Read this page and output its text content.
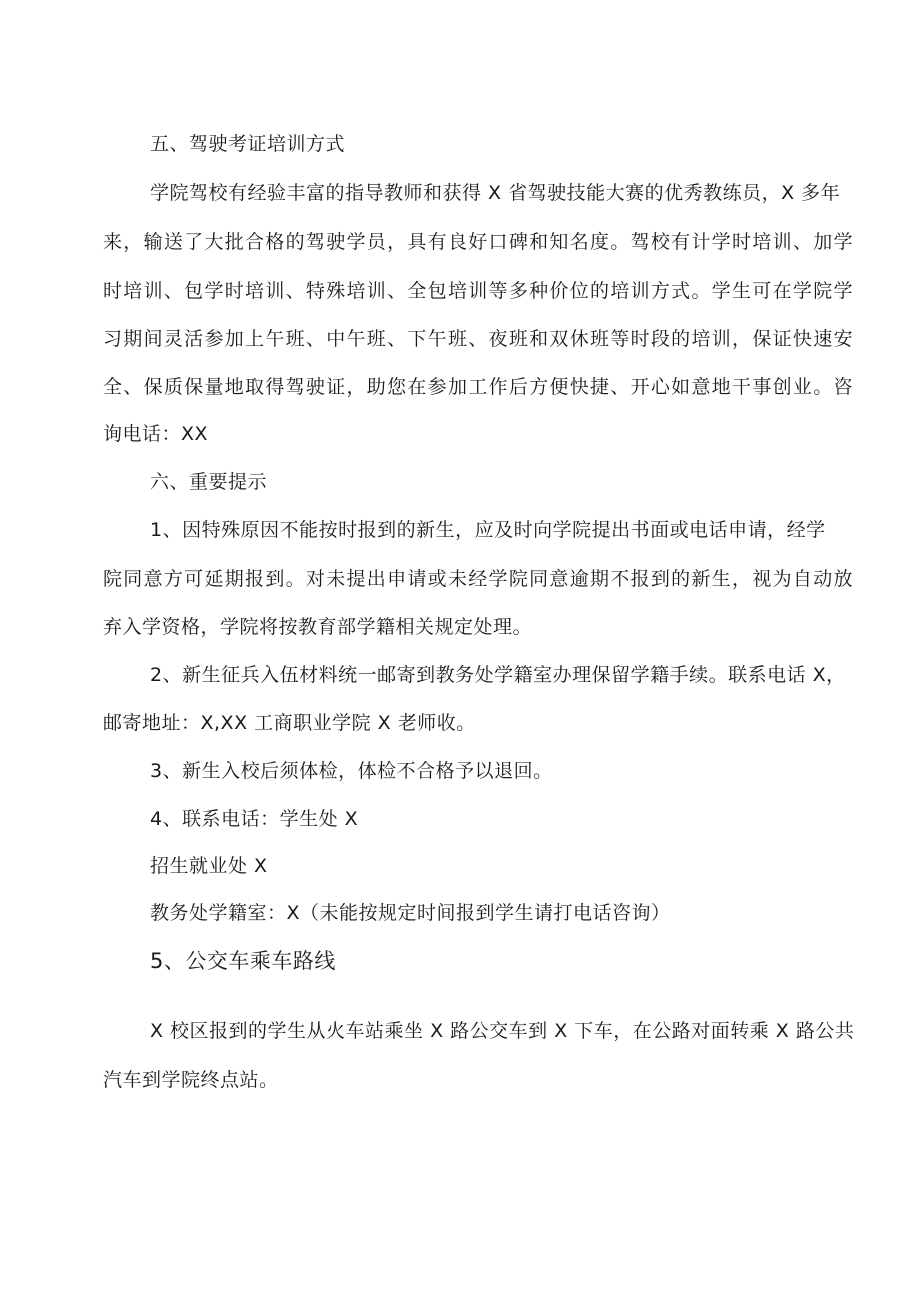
五、驾驶考证培训方式
学院驾校有经验丰富的指导教师和获得 X 省驾驶技能大赛的优秀教练员，X 多年
来，输送了大批合格的驾驶学员，具有良好口碑和知名度。驾校有计学时培训、加学
时培训、包学时培训、特殊培训、全包培训等多种价位的培训方式。学生可在学院学
习期间灵活参加上午班、中午班、下午班、夜班和双休班等时段的培训，保证快速安
全、保质保量地取得驾驶证，助您在参加工作后方便快捷、开心如意地干事创业。咨
询电话：XX
六、重要提示
1、因特殊原因不能按时报到的新生，应及时向学院提出书面或电话申请，经学
院同意方可延期报到。对未提出申请或未经学院同意逾期不报到的新生，视为自动放
弃入学资格，学院将按教育部学籍相关规定处理。
2、新生征兵入伍材料统一邮寄到教务处学籍室办理保留学籍手续。联系电话 X，
邮寄地址：X,XX 工商职业学院 X 老师收。
3、新生入校后须体检，体检不合格予以退回。
4、联系电话：学生处 X
招生就业处 X
教务处学籍室：X（未能按规定时间报到学生请打电话咨询）
5、公交车乘车路线
X 校区报到的学生从火车站乘坐 X 路公交车到 X 下车，在公路对面转乘 X 路公共
汽车到学院终点站。
